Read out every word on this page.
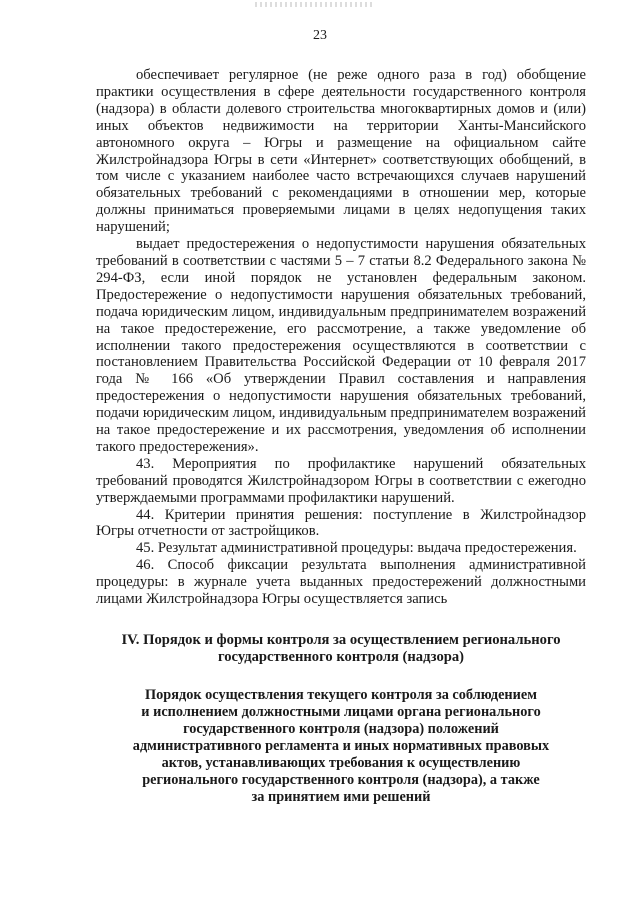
23

обеспечивает регулярное (не реже одного раза в год) обобщение практики осуществления в сфере деятельности государственного контроля (надзора) в области долевого строительства многоквартирных домов и (или) иных объектов недвижимости на территории Ханты-Мансийского автономного округа – Югры и размещение на официальном сайте Жилстройнадзора Югры в сети «Интернет» соответствующих обобщений, в том числе с указанием наиболее часто встречающихся случаев нарушений обязательных требований с рекомендациями в отношении мер, которые должны приниматься проверяемыми лицами в целях недопущения таких нарушений;

выдает предостережения о недопустимости нарушения обязательных требований в соответствии с частями 5 – 7 статьи 8.2 Федерального закона № 294-ФЗ, если иной порядок не установлен федеральным законом. Предостережение о недопустимости нарушения обязательных требований, подача юридическим лицом, индивидуальным предпринимателем возражений на такое предостережение, его рассмотрение, а также уведомление об исполнении такого предостережения осуществляются в соответствии с постановлением Правительства Российской Федерации от 10 февраля 2017 года № 166 «Об утверждении Правил составления и направления предостережения о недопустимости нарушения обязательных требований, подачи юридическим лицом, индивидуальным предпринимателем возражений на такое предостережение и их рассмотрения, уведомления об исполнении такого предостережения».

43. Мероприятия по профилактике нарушений обязательных требований проводятся Жилстройнадзором Югры в соответствии с ежегодно утверждаемыми программами профилактики нарушений.

44. Критерии принятия решения: поступление в Жилстройнадзор Югры отчетности от застройщиков.

45. Результат административной процедуры: выдача предостережения.

46. Способ фиксации результата выполнения административной процедуры: в журнале учета выданных предостережений должностными лицами Жилстройнадзора Югры осуществляется запись

IV. Порядок и формы контроля за осуществлением регионального
государственного контроля (надзора)
Порядок осуществления текущего контроля за соблюдением
и исполнением должностными лицами органа регионального
государственного контроля (надзора) положений
административного регламента и иных нормативных правовых
актов, устанавливающих требования к осуществлению
регионального государственного контроля (надзора), а также
за принятием ими решений
